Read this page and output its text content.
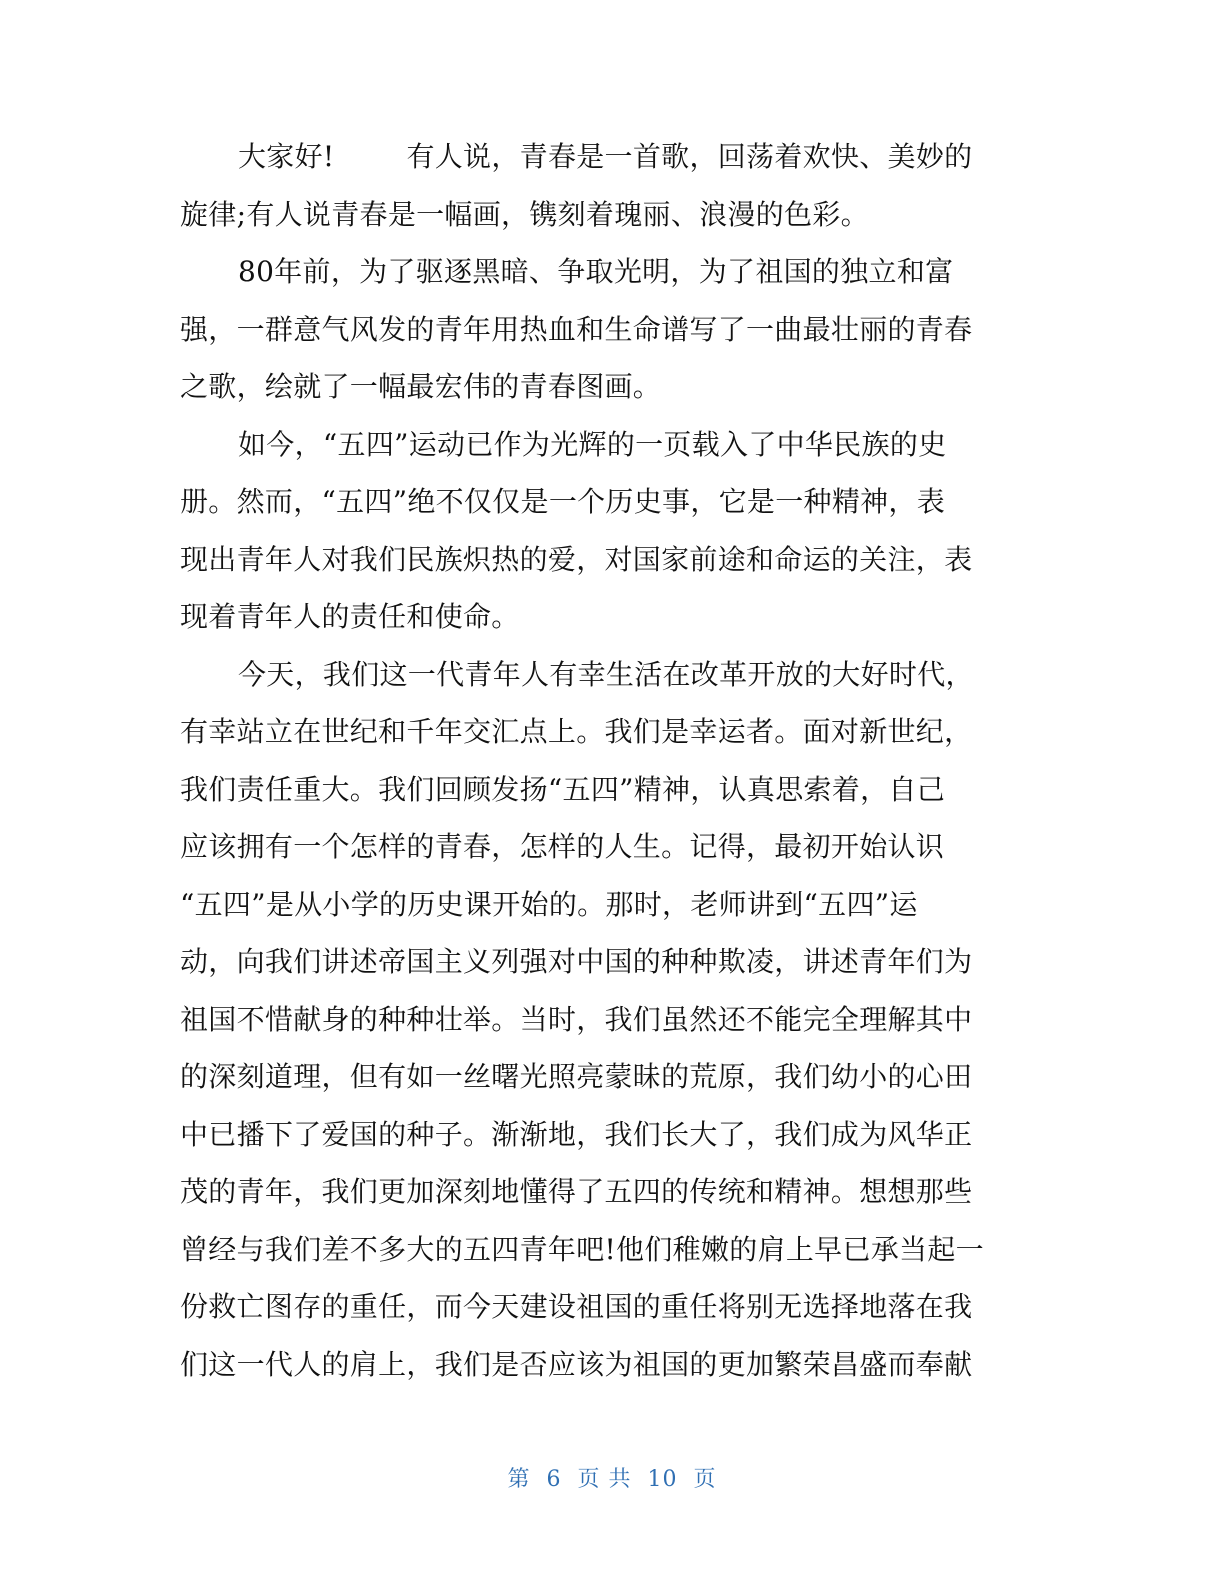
大家好!	有人说，青春是一首歌，回荡着欢快、美妙的
旋律;有人说青春是一幅画，镌刻着瑰丽、浪漫的色彩。
80年前，为了驱逐黑暗、争取光明，为了祖国的独立和富
强，一群意气风发的青年用热血和生命谱写了一曲最壮丽的青春
之歌，绘就了一幅最宏伟的青春图画。
如今，“五四”运动已作为光辉的一页载入了中华民族的史
册。然而，“五四”绝不仅仅是一个历史事，它是一种精神，表
现出青年人对我们民族炽热的爱，对国家前途和命运的关注，表
现着青年人的责任和使命。
今天，我们这一代青年人有幸生活在改革开放的大好时代，
有幸站立在世纪和千年交汇点上。我们是幸运者。面对新世纪，
我们责任重大。我们回顾发扬“五四”精神，认真思索着，自己
应该拥有一个怎样的青春，怎样的人生。记得，最初开始认识
“五四”是从小学的历史课开始的。那时，老师讲到“五四”运
动，向我们讲述帝国主义列强对中国的种种欺凌，讲述青年们为
祖国不惜献身的种种壮举。当时，我们虽然还不能完全理解其中
的深刻道理，但有如一丝曙光照亮蒙昧的荒原，我们幼小的心田
中已播下了爱国的种子。渐渐地，我们长大了，我们成为风华正
茂的青年，我们更加深刻地懂得了五四的传统和精神。想想那些
曾经与我们差不多大的五四青年吧!他们稚嫩的肩上早已承当起一
份救亡图存的重任，而今天建设祖国的重任将别无选择地落在我
们这一代人的肩上，我们是否应该为祖国的更加繁荣昌盛而奉献
第 6 页 共 10 页
